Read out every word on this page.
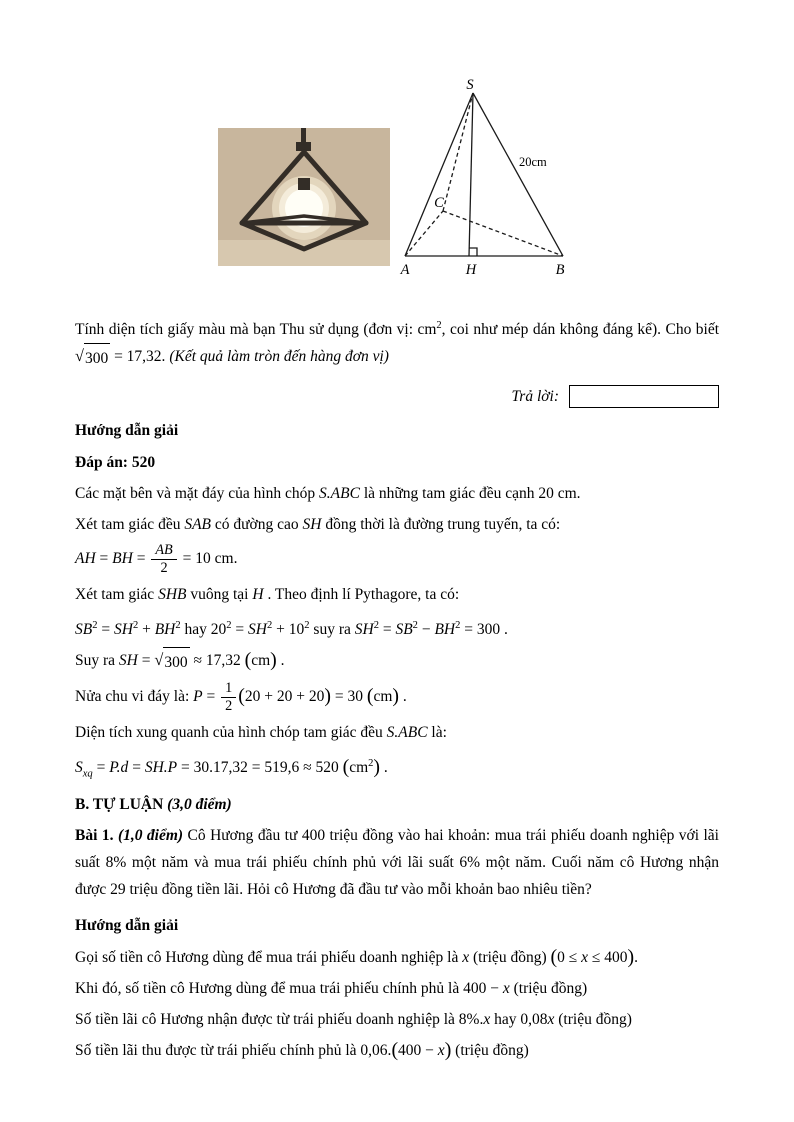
S
C
A	H	B
20cm

Tính diện tích giấy màu mà bạn Thu sử dụng (đơn vị: $cm^2$, coi như mép dán không đáng kể). Cho biết
√ 300 = 17,32. (Kết quả làm tròn đến hàng đơn vị)

Trả lời:
Hướng dẫn giải
Đáp án: 520
Các mặt bên và mặt đáy của hình chóp S.ABC là những tam giác đều cạnh 20 cm.
Xét tam giác đều SAB có đường cao SH đồng thời là đường trung tuyến, ta có:
AH = BH = $\frac{AB}{2} = 10$ cm.
Xét tam giác SHB vuông tại H . Theo định lí Pythagore, ta có:
$SB^2 = SH^2 + BH^2$ hay $20^2 = SH^2 + 10^2$ suy ra $SH^2 = SB^2 - BH^2 = 300$ .
Suy ra SH = √ 300 ≈ 17,32 (cm) .
Nửa chu vi đáy là: $P = \frac{1}{2} (20 + 20 + 20) = 30$ (cm) .
Diện tích xung quanh của hình chóp tam giác đều S.ABC là:
$S_{xq} = P.d = SH.P = 30.17,32 = 519,6 \approx 520$ $(cm^2)$ .
B. TỰ LUẬN (3,0 điểm)

Bài 1. (1,0 điểm) Cô Hương đầu tư 400 triệu đồng vào hai khoản: mua trái phiếu doanh nghiệp với lãi suất 8% một năm và mua trái phiếu chính phủ với lãi suất 6% một năm. Cuối năm cô Hương nhận được 29 triệu đồng tiền lãi. Hỏi cô Hương đã đầu tư vào mỗi khoản bao nhiêu tiền?

Hướng dẫn giải
Gọi số tiền cô Hương dùng để mua trái phiếu doanh nghiệp là x (triệu đồng) (0 ≤ x ≤ 400).
Khi đó, số tiền cô Hương dùng để mua trái phiếu chính phủ là 400 − x (triệu đồng)
Số tiền lãi cô Hương nhận được từ trái phiếu doanh nghiệp là 8%.x hay 0,08x (triệu đồng)
Số tiền lãi thu được từ trái phiếu chính phủ là 0,06.(400 − x) (triệu đồng)
